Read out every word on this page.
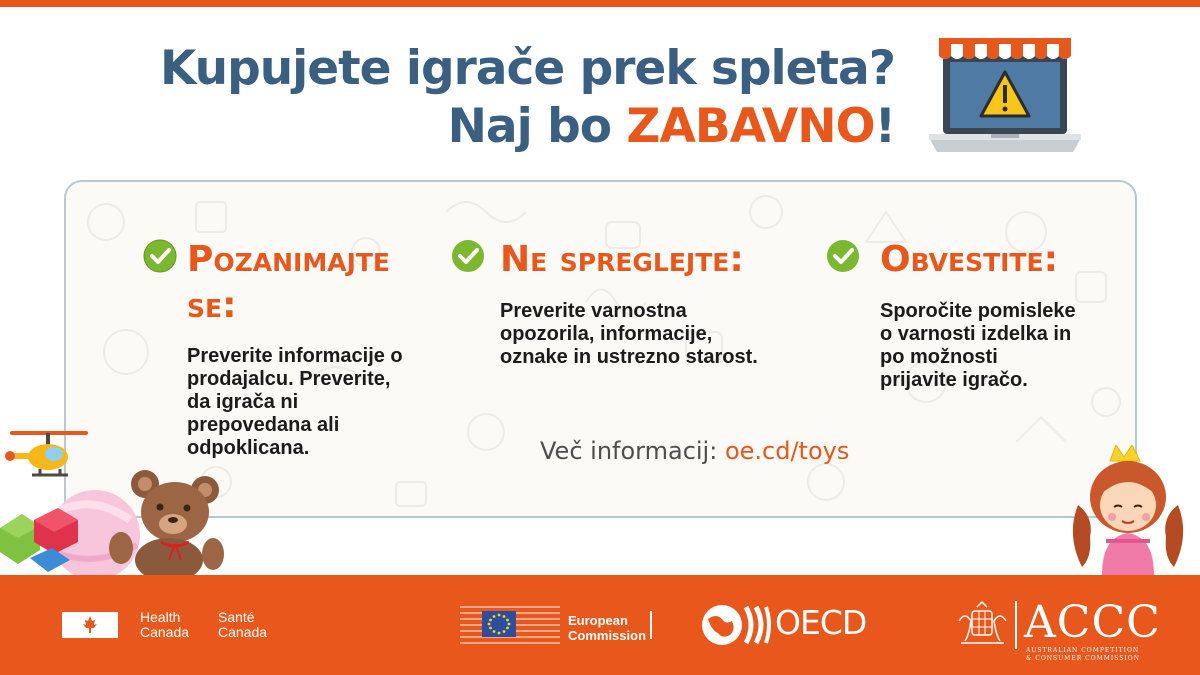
Kupujete igrače prek spleta?
Naj bo ZABAVNO!
Pozanimajte
se:
Preverite informacije o
prodajalcu. Preverite,
da igrača ni
prepovedana ali
odpoklicana.
Ne spreglejte:
Preverite varnostna
opozorila, informacije,
oznake in ustrezno starost.
Obvestite:
Sporočite pomisleke
o varnosti izdelka in
po možnosti
prijavite igračo.
Več informacij: oe.cd/toys
Health
Canada
Santé
Canada
European
Commission	OECD	ACCC
AUSTRALIAN COMPETITION
& CONSUMER COMMISSION
